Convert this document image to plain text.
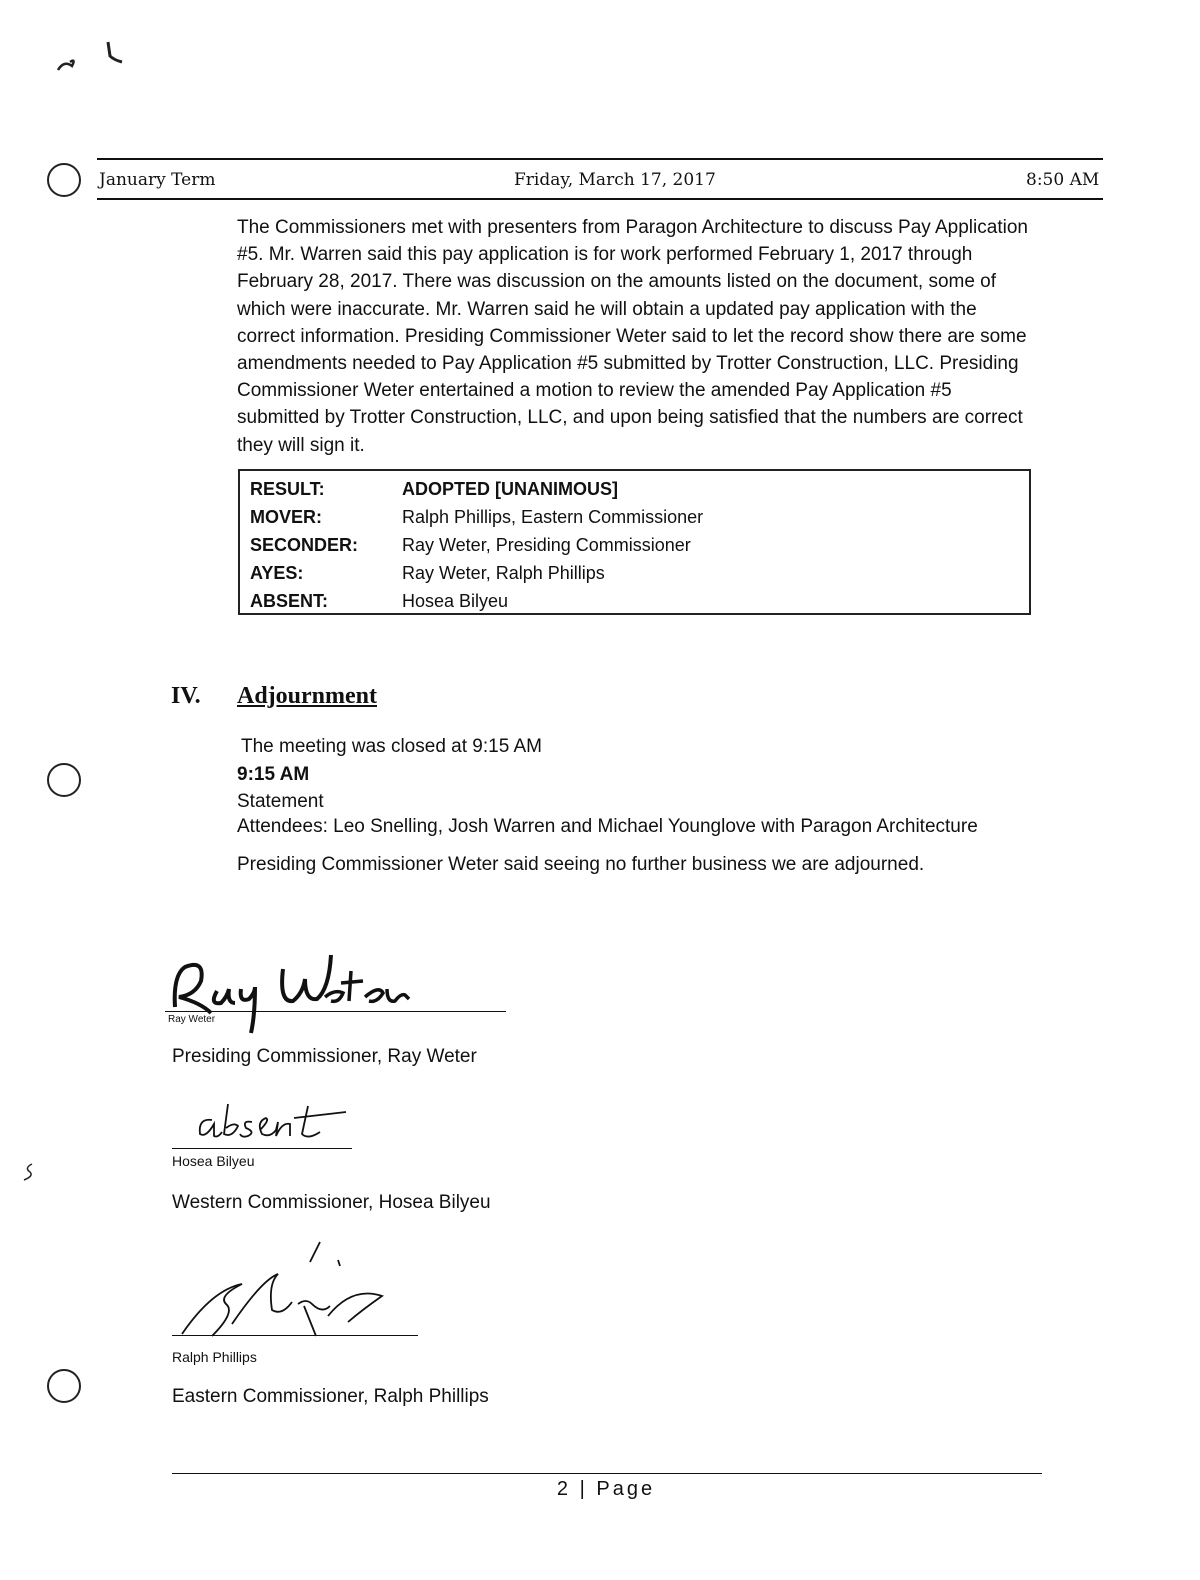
January Term	Friday, March 17, 2017	8:50 AM

The Commissioners met with presenters from Paragon Architecture to discuss Pay Application #5. Mr. Warren said this pay application is for work performed February 1, 2017 through February 28, 2017. There was discussion on the amounts listed on the document, some of which were inaccurate. Mr. Warren said he will obtain a updated pay application with the correct information. Presiding Commissioner Weter said to let the record show there are some amendments needed to Pay Application #5 submitted by Trotter Construction, LLC. Presiding Commissioner Weter entertained a motion to review the amended Pay Application #5 submitted by Trotter Construction, LLC, and upon being satisfied that the numbers are correct they will sign it.

RESULT:	ADOPTED [UNANIMOUS]
MOVER:	Ralph Phillips, Eastern Commissioner
SECONDER:	Ray Weter, Presiding Commissioner
AYES:	Ray Weter, Ralph Phillips
ABSENT:	Hosea Bilyeu
IV. Adjournment
The meeting was closed at 9:15 AM
9:15 AM
Statement
Attendees: Leo Snelling, Josh Warren and Michael Younglove with Paragon Architecture
Presiding Commissioner Weter said seeing no further business we are adjourned.
Ray Weter
Presiding Commissioner, Ray Weter
Hosea Bilyeu
Western Commissioner, Hosea Bilyeu
Ralph Phillips
Eastern Commissioner, Ralph Phillips
2 | Page
